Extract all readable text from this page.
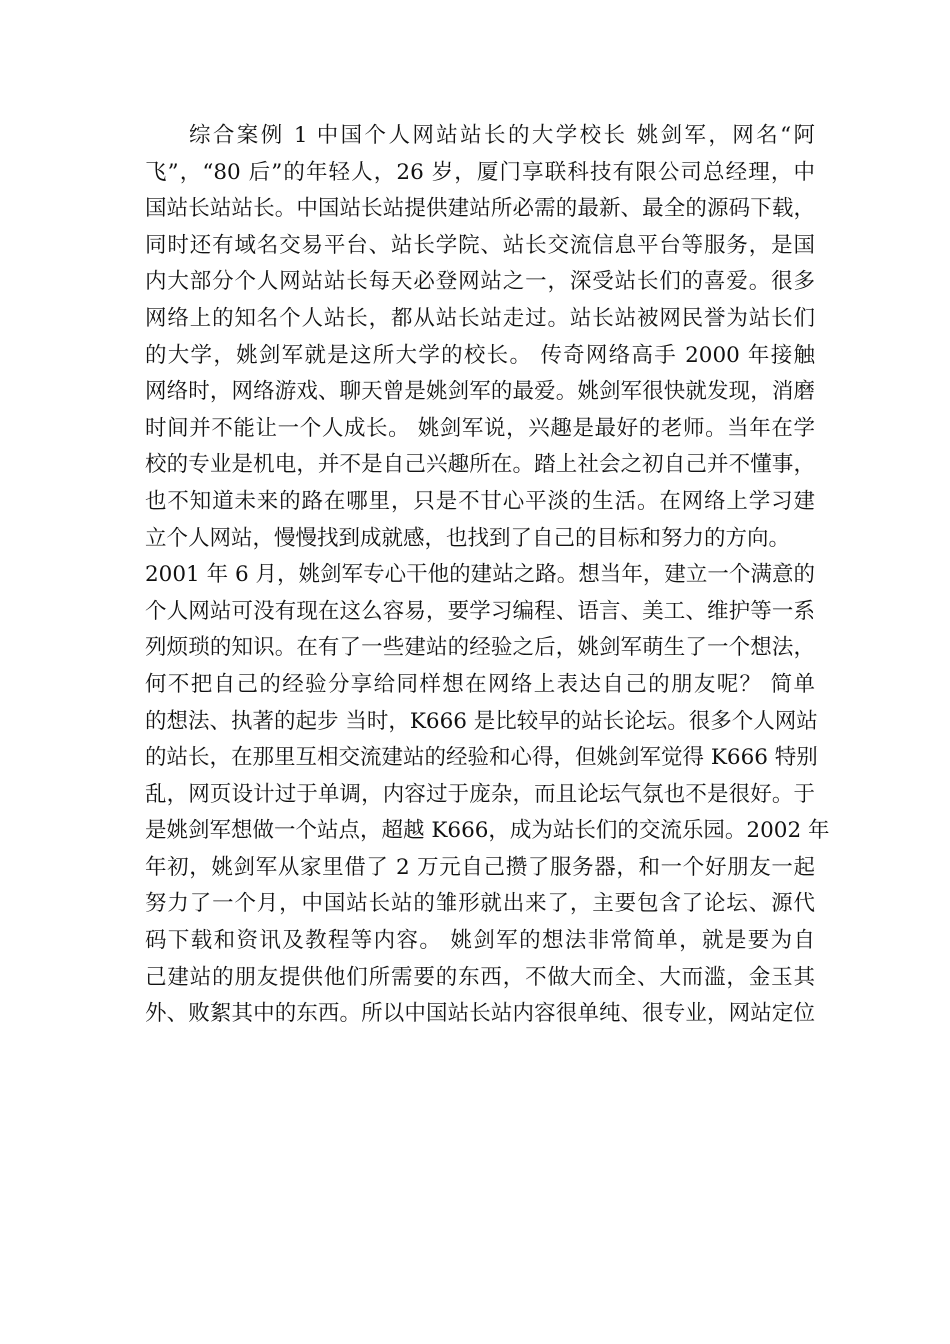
综合案例 1 中国个人网站站长的大学校长 姚剑军，网名“阿
飞”，“80 后”的年轻人，26 岁，厦门享联科技有限公司总经理，中
国站长站站长。中国站长站提供建站所必需的最新、最全的源码下载，
同时还有域名交易平台、站长学院、站长交流信息平台等服务，是国
内大部分个人网站站长每天必登网站之一，深受站长们的喜爱。很多
网络上的知名个人站长，都从站长站走过。站长站被网民誉为站长们
的大学，姚剑军就是这所大学的校长。 传奇网络高手 2000 年接触
网络时，网络游戏、聊天曾是姚剑军的最爱。姚剑军很快就发现，消磨
时间并不能让一个人成长。 姚剑军说，兴趣是最好的老师。当年在学
校的专业是机电，并不是自己兴趣所在。踏上社会之初自己并不懂事，
也不知道未来的路在哪里，只是不甘心平淡的生活。在网络上学习建
立个人网站，慢慢找到成就感，也找到了自己的目标和努力的方向。
2001 年 6 月，姚剑军专心干他的建站之路。想当年，建立一个满意的
个人网站可没有现在这么容易，要学习编程、语言、美工、维护等一系
列烦琐的知识。在有了一些建站的经验之后，姚剑军萌生了一个想法，
何不把自己的经验分享给同样想在网络上表达自己的朋友呢？ 简单
的想法、执著的起步 当时，K666 是比较早的站长论坛。很多个人网站
的站长，在那里互相交流建站的经验和心得，但姚剑军觉得 K666 特别
乱，网页设计过于单调，内容过于庞杂，而且论坛气氛也不是很好。于
是姚剑军想做一个站点，超越 K666，成为站长们的交流乐园。2002 年
年初，姚剑军从家里借了 2 万元自己攒了服务器，和一个好朋友一起
努力了一个月，中国站长站的雏形就出来了，主要包含了论坛、源代
码下载和资讯及教程等内容。 姚剑军的想法非常简单，就是要为自
己建站的朋友提供他们所需要的东西，不做大而全、大而滥，金玉其
外、败絮其中的东西。所以中国站长站内容很单纯、很专业，网站定位
